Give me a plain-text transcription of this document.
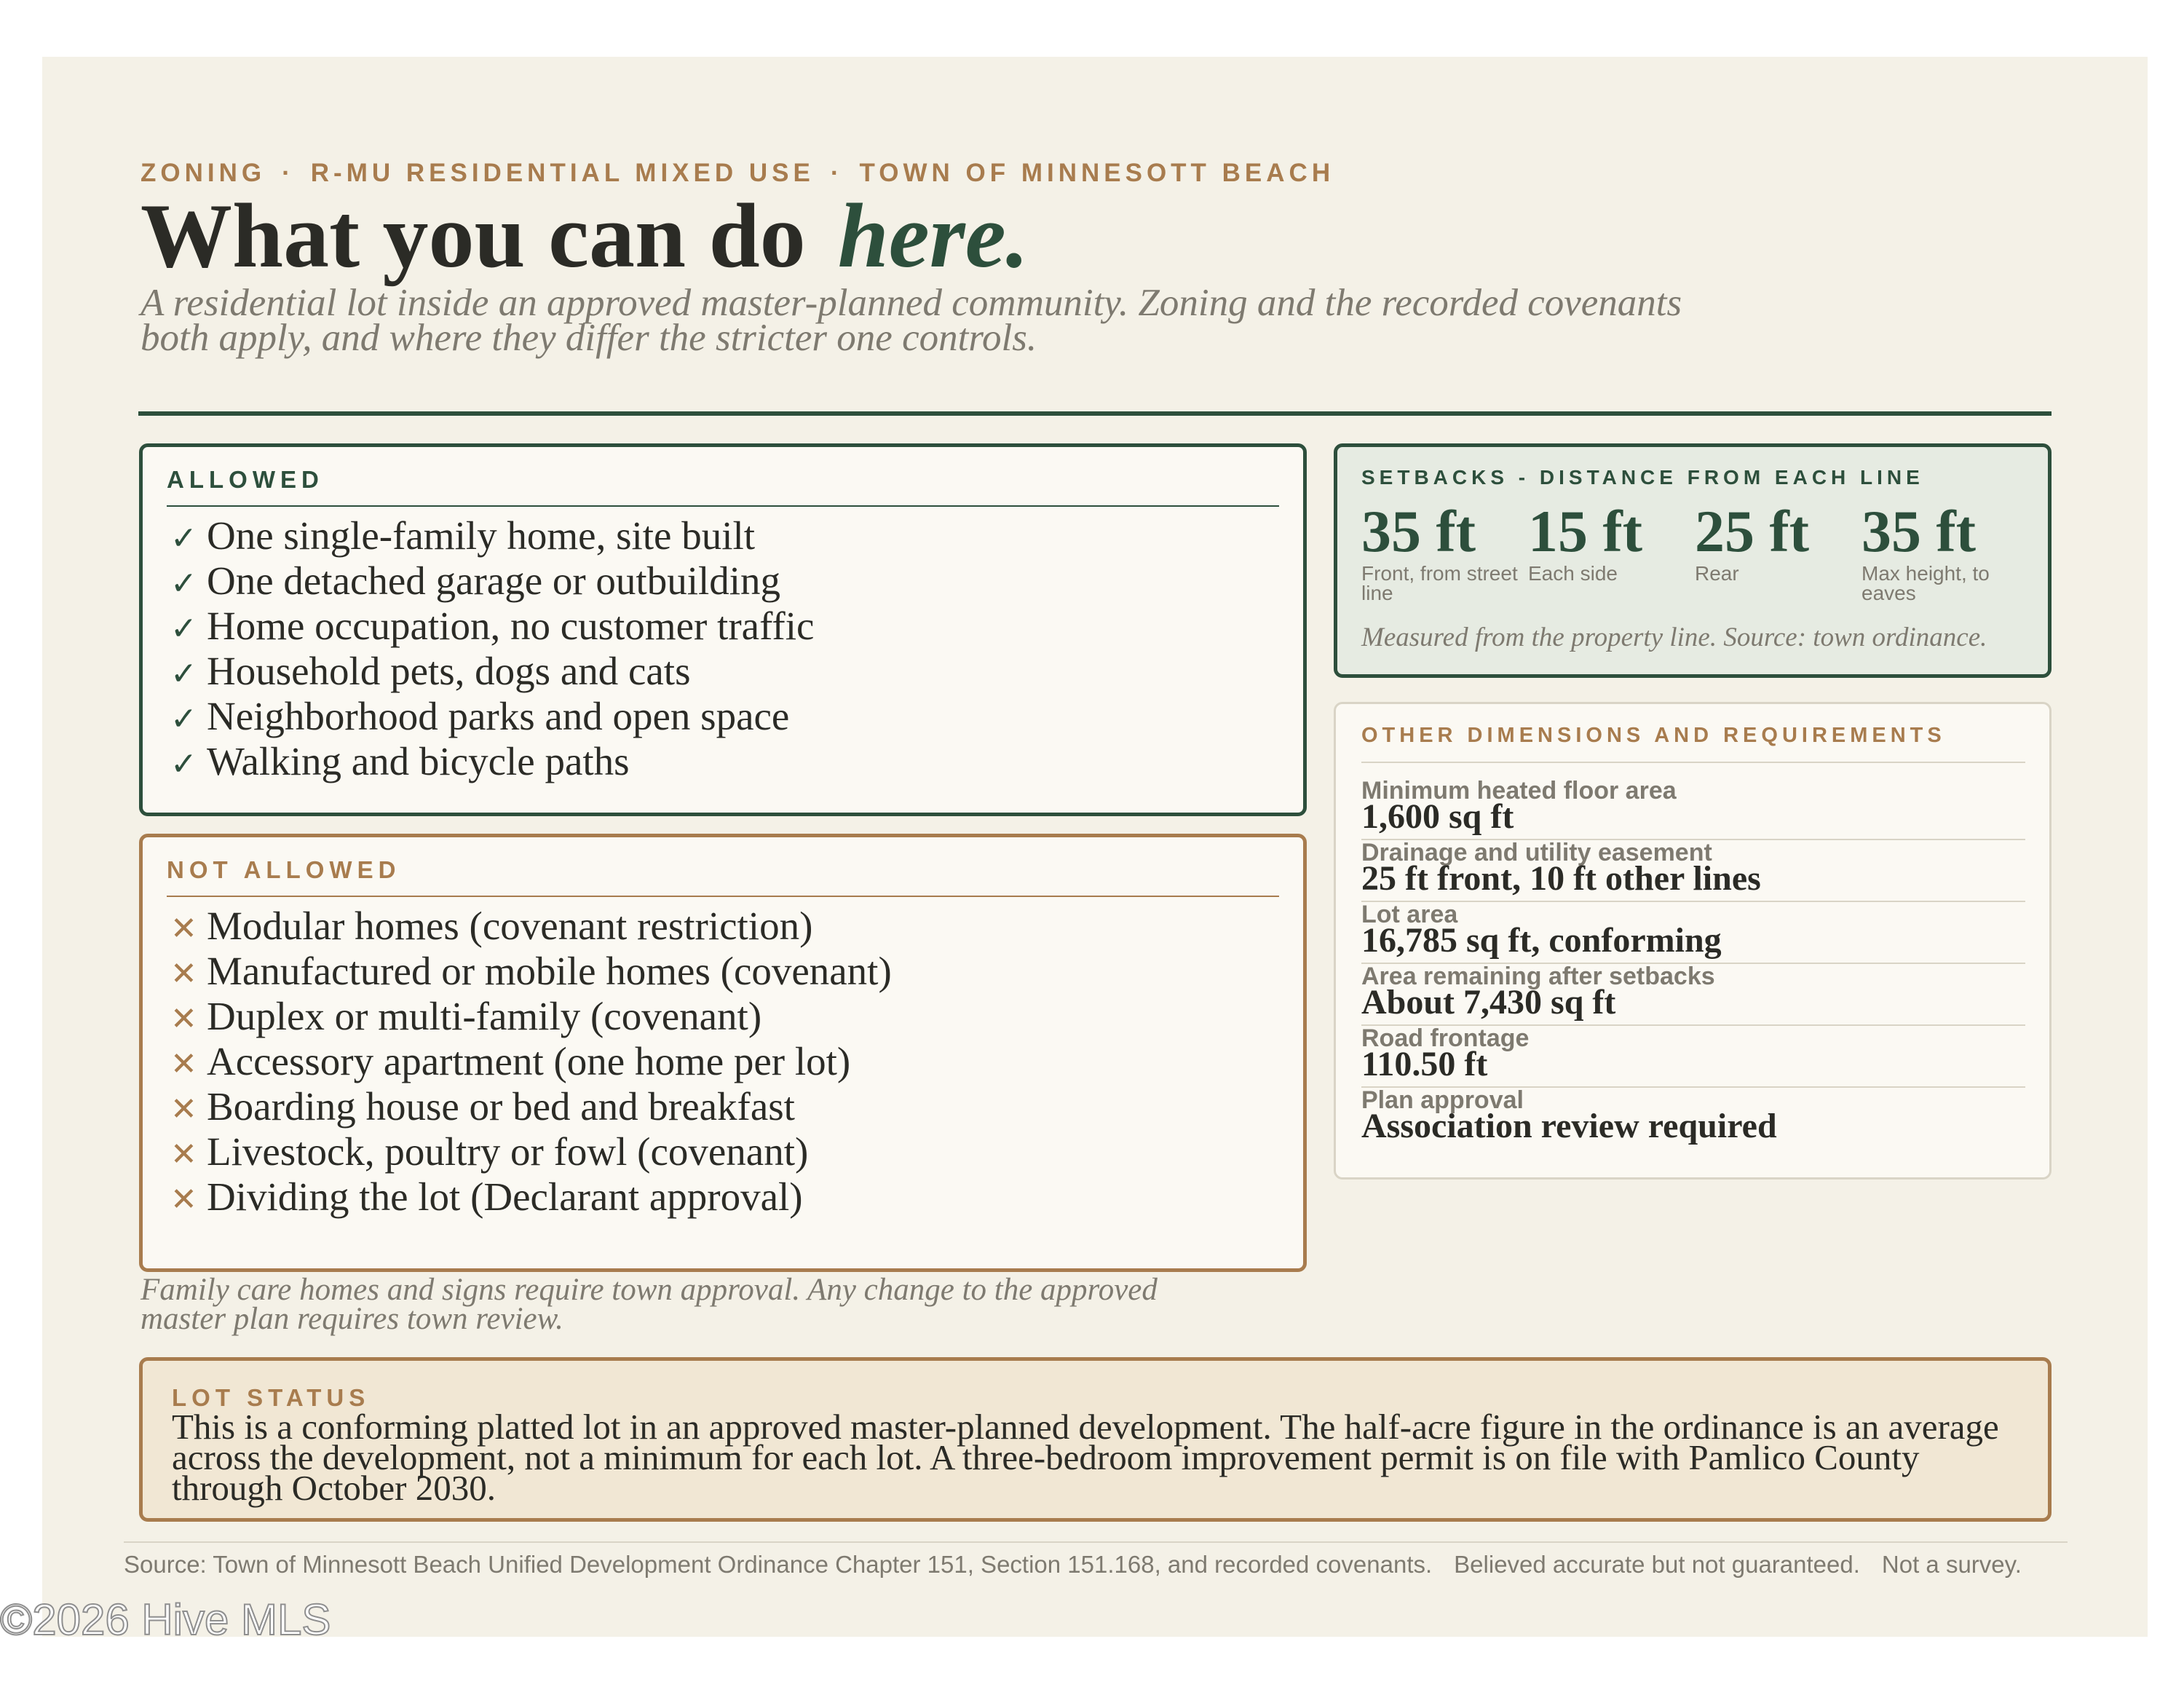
ZONING · R-MU RESIDENTIAL MIXED USE · TOWN OF MINNESOTT BEACH
What you can do here.

A residential lot inside an approved master-planned community. Zoning and the recorded covenants both apply, and where they differ the stricter one controls.

ALLOWED
✓ One single-family home, site built
✓ One detached garage or outbuilding
✓ Home occupation, no customer traffic
✓ Household pets, dogs and cats
✓ Neighborhood parks and open space
✓ Walking and bicycle paths
NOT ALLOWED
✕ Modular homes (covenant restriction)
✕ Manufactured or mobile homes (covenant)
✕ Duplex or multi-family (covenant)
✕ Accessory apartment (one home per lot)
✕ Boarding house or bed and breakfast
✕ Livestock, poultry or fowl (covenant)
✕ Dividing the lot (Declarant approval)
SETBACKS - DISTANCE FROM EACH LINE
35 ft
Front, from street line
15 ft
Each side
25 ft
Rear
35 ft
Max height, to eaves
Measured from the property line. Source: town ordinance.
OTHER DIMENSIONS AND REQUIREMENTS
Minimum heated floor area
1,600 sq ft
Drainage and utility easement
25 ft front, 10 ft other lines
Lot area
16,785 sq ft, conforming
Area remaining after setbacks
About 7,430 sq ft
Road frontage
110.50 ft
Plan approval
Association review required

Family care homes and signs require town approval. Any change to the approved master plan requires town review.

LOT STATUS

This is a conforming platted lot in an approved master-planned development. The half-acre figure in the ordinance is an average across the development, not a minimum for each lot. A three-bedroom improvement permit is on file with Pamlico County through October 2030.

Source: Town of Minnesott Beach Unified Development Ordinance Chapter 151, Section 151.168, and recorded covenants. Believed accurate but not guaranteed. Not a survey.
©2026 Hive MLS
